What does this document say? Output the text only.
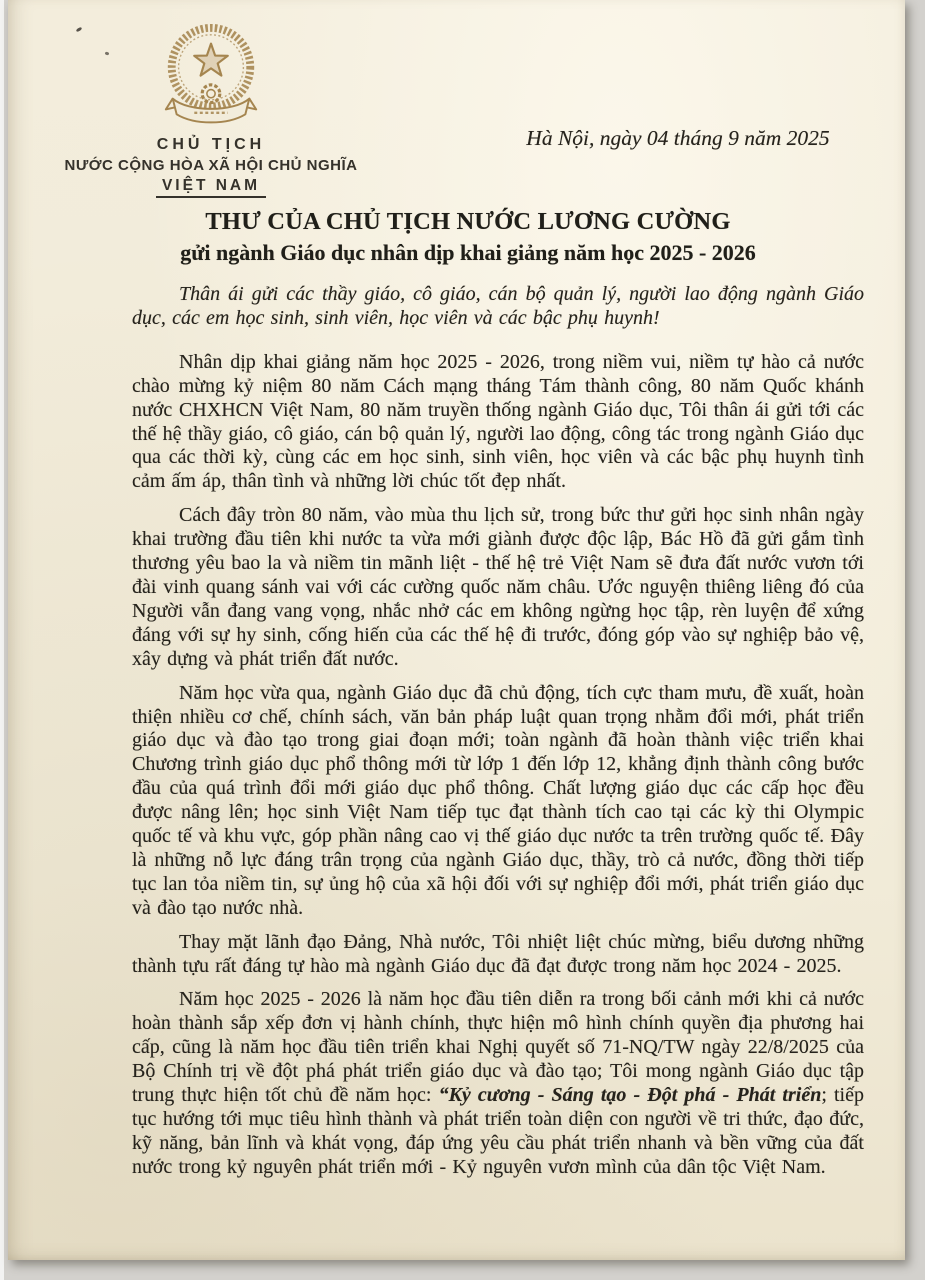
CHỦ TỊCH
NƯỚC CỘNG HÒA XÃ HỘI CHỦ NGHĨA
VIỆT NAM
Hà Nội, ngày 04 tháng 9 năm 2025
THƯ CỦA CHỦ TỊCH NƯỚC LƯƠNG CƯỜNG
gửi ngành Giáo dục nhân dịp khai giảng năm học 2025 - 2026

Thân ái gửi các thầy giáo, cô giáo, cán bộ quản lý, người lao động ngành Giáo dục, các em học sinh, sinh viên, học viên và các bậc phụ huynh!

Nhân dịp khai giảng năm học 2025 - 2026, trong niềm vui, niềm tự hào cả nước chào mừng kỷ niệm 80 năm Cách mạng tháng Tám thành công, 80 năm Quốc khánh nước CHXHCN Việt Nam, 80 năm truyền thống ngành Giáo dục, Tôi thân ái gửi tới các thế hệ thầy giáo, cô giáo, cán bộ quản lý, người lao động, công tác trong ngành Giáo dục qua các thời kỳ, cùng các em học sinh, sinh viên, học viên và các bậc phụ huynh tình cảm ấm áp, thân tình và những lời chúc tốt đẹp nhất.

Cách đây tròn 80 năm, vào mùa thu lịch sử, trong bức thư gửi học sinh nhân ngày khai trường đầu tiên khi nước ta vừa mới giành được độc lập, Bác Hồ đã gửi gắm tình thương yêu bao la và niềm tin mãnh liệt - thế hệ trẻ Việt Nam sẽ đưa đất nước vươn tới đài vinh quang sánh vai với các cường quốc năm châu. Ước nguyện thiêng liêng đó của Người vẫn đang vang vọng, nhắc nhở các em không ngừng học tập, rèn luyện để xứng đáng với sự hy sinh, cống hiến của các thế hệ đi trước, đóng góp vào sự nghiệp bảo vệ, xây dựng và phát triển đất nước.

Năm học vừa qua, ngành Giáo dục đã chủ động, tích cực tham mưu, đề xuất, hoàn thiện nhiều cơ chế, chính sách, văn bản pháp luật quan trọng nhằm đổi mới, phát triển giáo dục và đào tạo trong giai đoạn mới; toàn ngành đã hoàn thành việc triển khai Chương trình giáo dục phổ thông mới từ lớp 1 đến lớp 12, khẳng định thành công bước đầu của quá trình đổi mới giáo dục phổ thông. Chất lượng giáo dục các cấp học đều được nâng lên; học sinh Việt Nam tiếp tục đạt thành tích cao tại các kỳ thi Olympic quốc tế và khu vực, góp phần nâng cao vị thế giáo dục nước ta trên trường quốc tế. Đây là những nỗ lực đáng trân trọng của ngành Giáo dục, thầy, trò cả nước, đồng thời tiếp tục lan tỏa niềm tin, sự ủng hộ của xã hội đối với sự nghiệp đổi mới, phát triển giáo dục và đào tạo nước nhà.

Thay mặt lãnh đạo Đảng, Nhà nước, Tôi nhiệt liệt chúc mừng, biểu dương những thành tựu rất đáng tự hào mà ngành Giáo dục đã đạt được trong năm học 2024 - 2025.

Năm học 2025 - 2026 là năm học đầu tiên diễn ra trong bối cảnh mới khi cả nước hoàn thành sắp xếp đơn vị hành chính, thực hiện mô hình chính quyền địa phương hai cấp, cũng là năm học đầu tiên triển khai Nghị quyết số 71-NQ/TW ngày 22/8/2025 của Bộ Chính trị về đột phá phát triển giáo dục và đào tạo; Tôi mong ngành Giáo dục tập trung thực hiện tốt chủ đề năm học: “Kỷ cương - Sáng tạo - Đột phá - Phát triển; tiếp tục hướng tới mục tiêu hình thành và phát triển toàn diện con người về tri thức, đạo đức, kỹ năng, bản lĩnh và khát vọng, đáp ứng yêu cầu phát triển nhanh và bền vững của đất nước trong kỷ nguyên phát triển mới - Kỷ nguyên vươn mình của dân tộc Việt Nam.
